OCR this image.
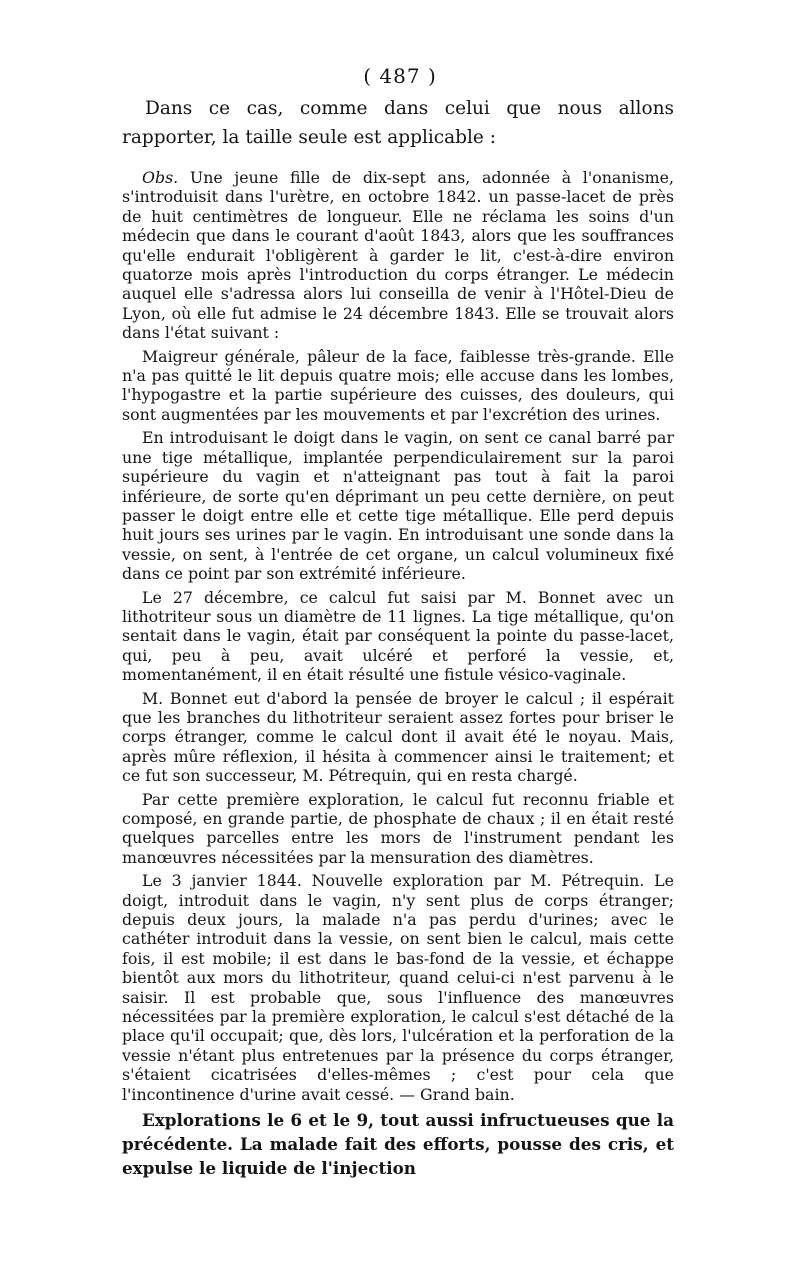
( 487 )

Dans ce cas, comme dans celui que nous allons rapporter, la taille seule est applicable :

Obs. Une jeune fille de dix-sept ans, adonnée à l'onanisme, s'introduisit dans l'urètre, en octobre 1842. un passe-lacet de près de huit centimètres de longueur. Elle ne réclama les soins d'un médecin que dans le courant d'août 1843, alors que les souffrances qu'elle endurait l'obligèrent à garder le lit, c'est-à-dire environ quatorze mois après l'introduction du corps étranger. Le médecin auquel elle s'adressa alors lui conseilla de venir à l'Hôtel-Dieu de Lyon, où elle fut admise le 24 décembre 1843. Elle se trouvait alors dans l'état suivant :

Maigreur générale, pâleur de la face, faiblesse très-grande. Elle n'a pas quitté le lit depuis quatre mois; elle accuse dans les lombes, l'hypogastre et la partie supérieure des cuisses, des douleurs, qui sont augmentées par les mouvements et par l'excrétion des urines.

En introduisant le doigt dans le vagin, on sent ce canal barré par une tige métallique, implantée perpendiculairement sur la paroi supérieure du vagin et n'atteignant pas tout à fait la paroi inférieure, de sorte qu'en déprimant un peu cette dernière, on peut passer le doigt entre elle et cette tige métallique. Elle perd depuis huit jours ses urines par le vagin. En introduisant une sonde dans la vessie, on sent, à l'entrée de cet organe, un calcul volumineux fixé dans ce point par son extrémité inférieure.

Le 27 décembre, ce calcul fut saisi par M. Bonnet avec un lithotriteur sous un diamètre de 11 lignes. La tige métallique, qu'on sentait dans le vagin, était par conséquent la pointe du passe-lacet, qui, peu à peu, avait ulcéré et perforé la vessie, et, momentanément, il en était résulté une fistule vésico-vaginale.

M. Bonnet eut d'abord la pensée de broyer le calcul ; il espérait que les branches du lithotriteur seraient assez fortes pour briser le corps étranger, comme le calcul dont il avait été le noyau. Mais, après mûre réflexion, il hésita à commencer ainsi le traitement; et ce fut son successeur, M. Pétrequin, qui en resta chargé.

Par cette première exploration, le calcul fut reconnu friable et composé, en grande partie, de phosphate de chaux ; il en était resté quelques parcelles entre les mors de l'instrument pendant les manœuvres nécessitées par la mensuration des diamètres.

Le 3 janvier 1844. Nouvelle exploration par M. Pétrequin. Le doigt, introduit dans le vagin, n'y sent plus de corps étranger; depuis deux jours, la malade n'a pas perdu d'urines; avec le cathéter introduit dans la vessie, on sent bien le calcul, mais cette fois, il est mobile; il est dans le bas-fond de la vessie, et échappe bientôt aux mors du lithotriteur, quand celui-ci n'est parvenu à le saisir. Il est probable que, sous l'influence des manœuvres nécessitées par la première exploration, le calcul s'est détaché de la place qu'il occupait; que, dès lors, l'ulcération et la perforation de la vessie n'étant plus entretenues par la présence du corps étranger, s'étaient cicatrisées d'elles-mêmes ; c'est pour cela que l'incontinence d'urine avait cessé. — Grand bain.

Explorations le 6 et le 9, tout aussi infructueuses que la précédente. La malade fait des efforts, pousse des cris, et expulse le liquide de l'injection
